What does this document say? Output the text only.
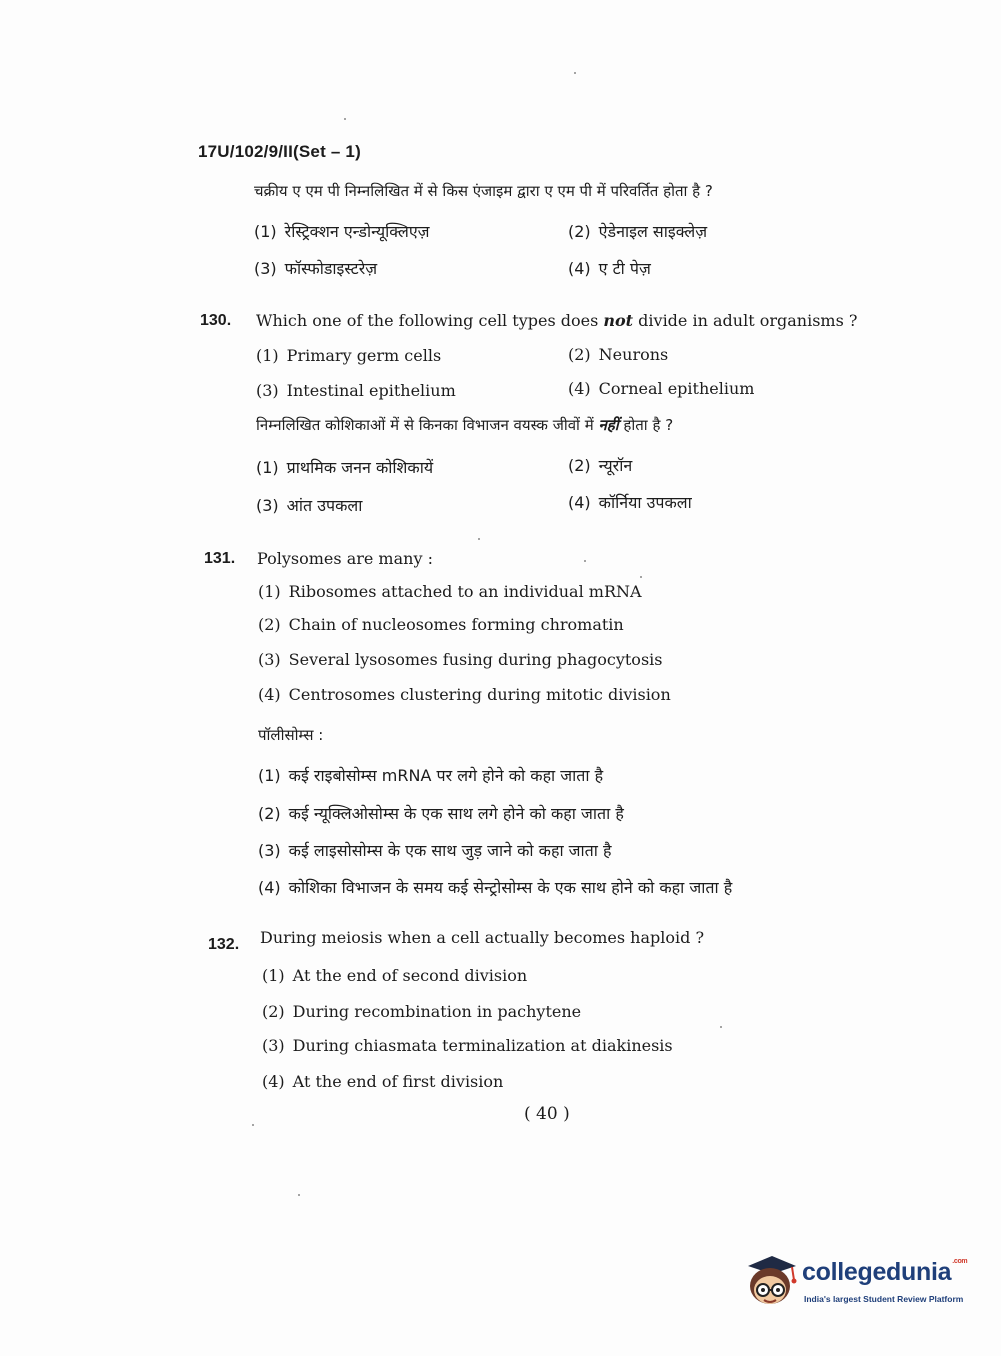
17U/102/9/II(Set – 1)
चक्रीय ए एम पी निम्नलिखित में से किस एंजाइम द्वारा ए एम पी में परिवर्तित होता है ?
(1) रेस्ट्रिक्शन एन्डोन्यूक्लिएज़	(2) ऐडेनाइल साइक्लेज़
(3) फॉस्फोडाइस्टरेज़	(4) ए टी पेज़
130. Which one of the following cell types does not divide in adult organisms ?
(1) Primary germ cells	(2) Neurons
(3) Intestinal epithelium	(4) Corneal epithelium
निम्नलिखित कोशिकाओं में से किनका विभाजन वयस्क जीवों में नहीं होता है ?
(1) प्राथमिक जनन कोशिकायें	(2) न्यूरॉन
(3) आंत उपकला	(4) कॉर्निया उपकला
131. Polysomes are many :
(1) Ribosomes attached to an individual mRNA
(2) Chain of nucleosomes forming chromatin
(3) Several lysosomes fusing during phagocytosis
(4) Centrosomes clustering during mitotic division
पॉलीसोम्स :
(1) कई राइबोसोम्स mRNA पर लगे होने को कहा जाता है
(2) कई न्यूक्लिओसोम्स के एक साथ लगे होने को कहा जाता है
(3) कई लाइसोसोम्स के एक साथ जुड़ जाने को कहा जाता है
(4) कोशिका विभाजन के समय कई सेन्ट्रोसोम्स के एक साथ होने को कहा जाता है
132. During meiosis when a cell actually becomes haploid ?
(1) At the end of second division
(2) During recombination in pachytene
(3) During chiasmata terminalization at diakinesis
(4) At the end of first division
( 40 )
collegedunia$^{.com}$
India's largest Student Review Platform
